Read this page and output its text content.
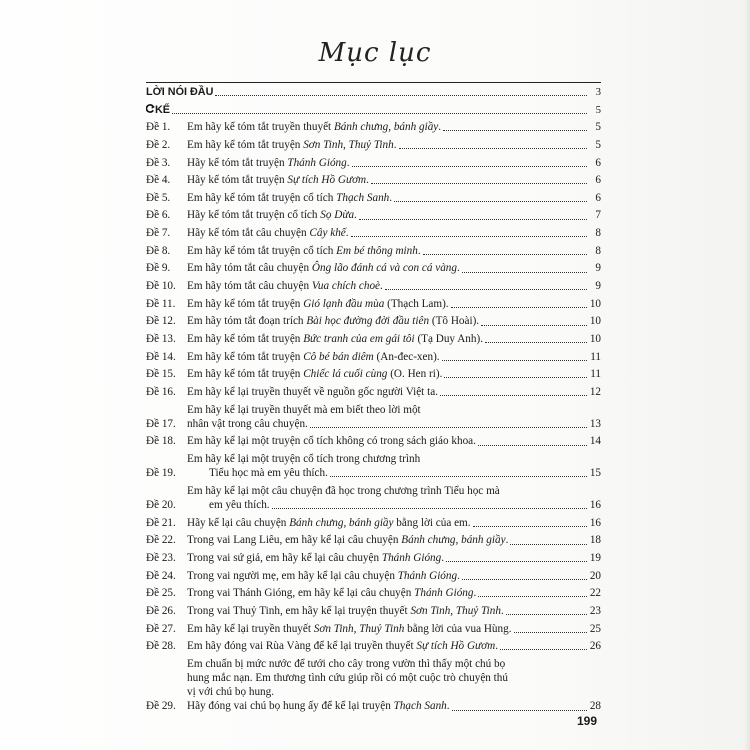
Mục lục
LỜI NÓI ĐẦU	3
KỂ	5
Đề 1.	Em hãy kể tóm tắt truyền thuyết Bánh chưng, bánh giầy.	5
Đề 2.	Em hãy kể tóm tắt truyện Sơn Tinh, Thuỷ Tinh.	5
Đề 3.	Hãy kể tóm tắt truyện Thánh Gióng.	6
Đề 4.	Hãy kể tóm tắt truyện Sự tích Hồ Gươm.	6
Đề 5.	Em hãy kể tóm tắt truyện cổ tích Thạch Sanh.	6
Đề 6.	Hãy kể tóm tắt truyện cổ tích Sọ Dừa.	7
Đề 7.	Hãy kể tóm tắt câu chuyện Cây khế.	8
Đề 8.	Em hãy kể tóm tắt truyện cổ tích Em bé thông minh.	8
Đề 9.	Em hãy tóm tắt câu chuyện Ông lão đánh cá và con cá vàng.	9
Đề 10. Em hãy tóm tắt câu chuyện Vua chích choè.	9
Đề 11.	Em hãy kể tóm tắt truyện Gió lạnh đầu mùa (Thạch Lam).	10
Đề 12. Em hãy tóm tắt đoạn trích Bài học đường đời đầu tiên (Tô Hoài).	10
Đề 13. Em hãy kể tóm tắt truyện Bức tranh của em gái tôi (Tạ Duy Anh).	10
Đề 14. Em hãy kể tóm tắt truyện Cô bé bán diêm (An-đec-xen).	11
Đề 15. Em hãy kể tóm tắt truyện Chiếc lá cuối cùng (O. Hen ri).	11
Đề 16. Em hãy kể lại truyền thuyết về nguồn gốc người Việt ta.	12
Đề 17.
Em hãy kể lại truyền thuyết mà em biết theo lời một
nhân vật trong câu chuyện.	13
Đề 18. Em hãy kể lại một truyện cổ tích không có trong sách giáo khoa.	14
Đề 19.
Em hãy kể lại một truyện cổ tích trong chương trình
Tiểu học mà em yêu thích.	15
Đề 20.
Em hãy kể lại một câu chuyện đã học trong chương trình Tiểu học mà
em yêu thích.	16
Đề 21. Hãy kể lại câu chuyện Bánh chưng, bánh giầy bằng lời của em.	16
Đề 22. Trong vai Lang Liêu, em hãy kể lại câu chuyện Bánh chưng, bánh giầy.	18
Đề 23. Trong vai sứ giả, em hãy kể lại câu chuyện Thánh Gióng.	19
Đề 24. Trong vai người mẹ, em hãy kể lại câu chuyện Thánh Gióng.	20
Đề 25. Trong vai Thánh Gióng, em hãy kể lại câu chuyện Thánh Gióng.	22
Đề 26. Trong vai Thuỷ Tinh, em hãy kể lại truyện thuyết Sơn Tinh, Thuỷ Tinh.	23
Đề 27. Em hãy kể lại truyền thuyết Sơn Tinh, Thuỷ Tinh bằng lời của vua Hùng.	25
Đề 28. Em hãy đóng vai Rùa Vàng để kể lại truyền thuyết Sự tích Hồ Gươm.	26
Đề 29.
Em chuẩn bị mức nước để tưới cho cây trong vườn thì thấy một chú bọ
hung mắc nạn. Em thương tình cứu giúp rồi có một cuộc trò chuyện thú
vị với chú bọ hung.
Hãy đóng vai chú bọ hung ấy để kể lại truyện Thạch Sanh.	28
199
